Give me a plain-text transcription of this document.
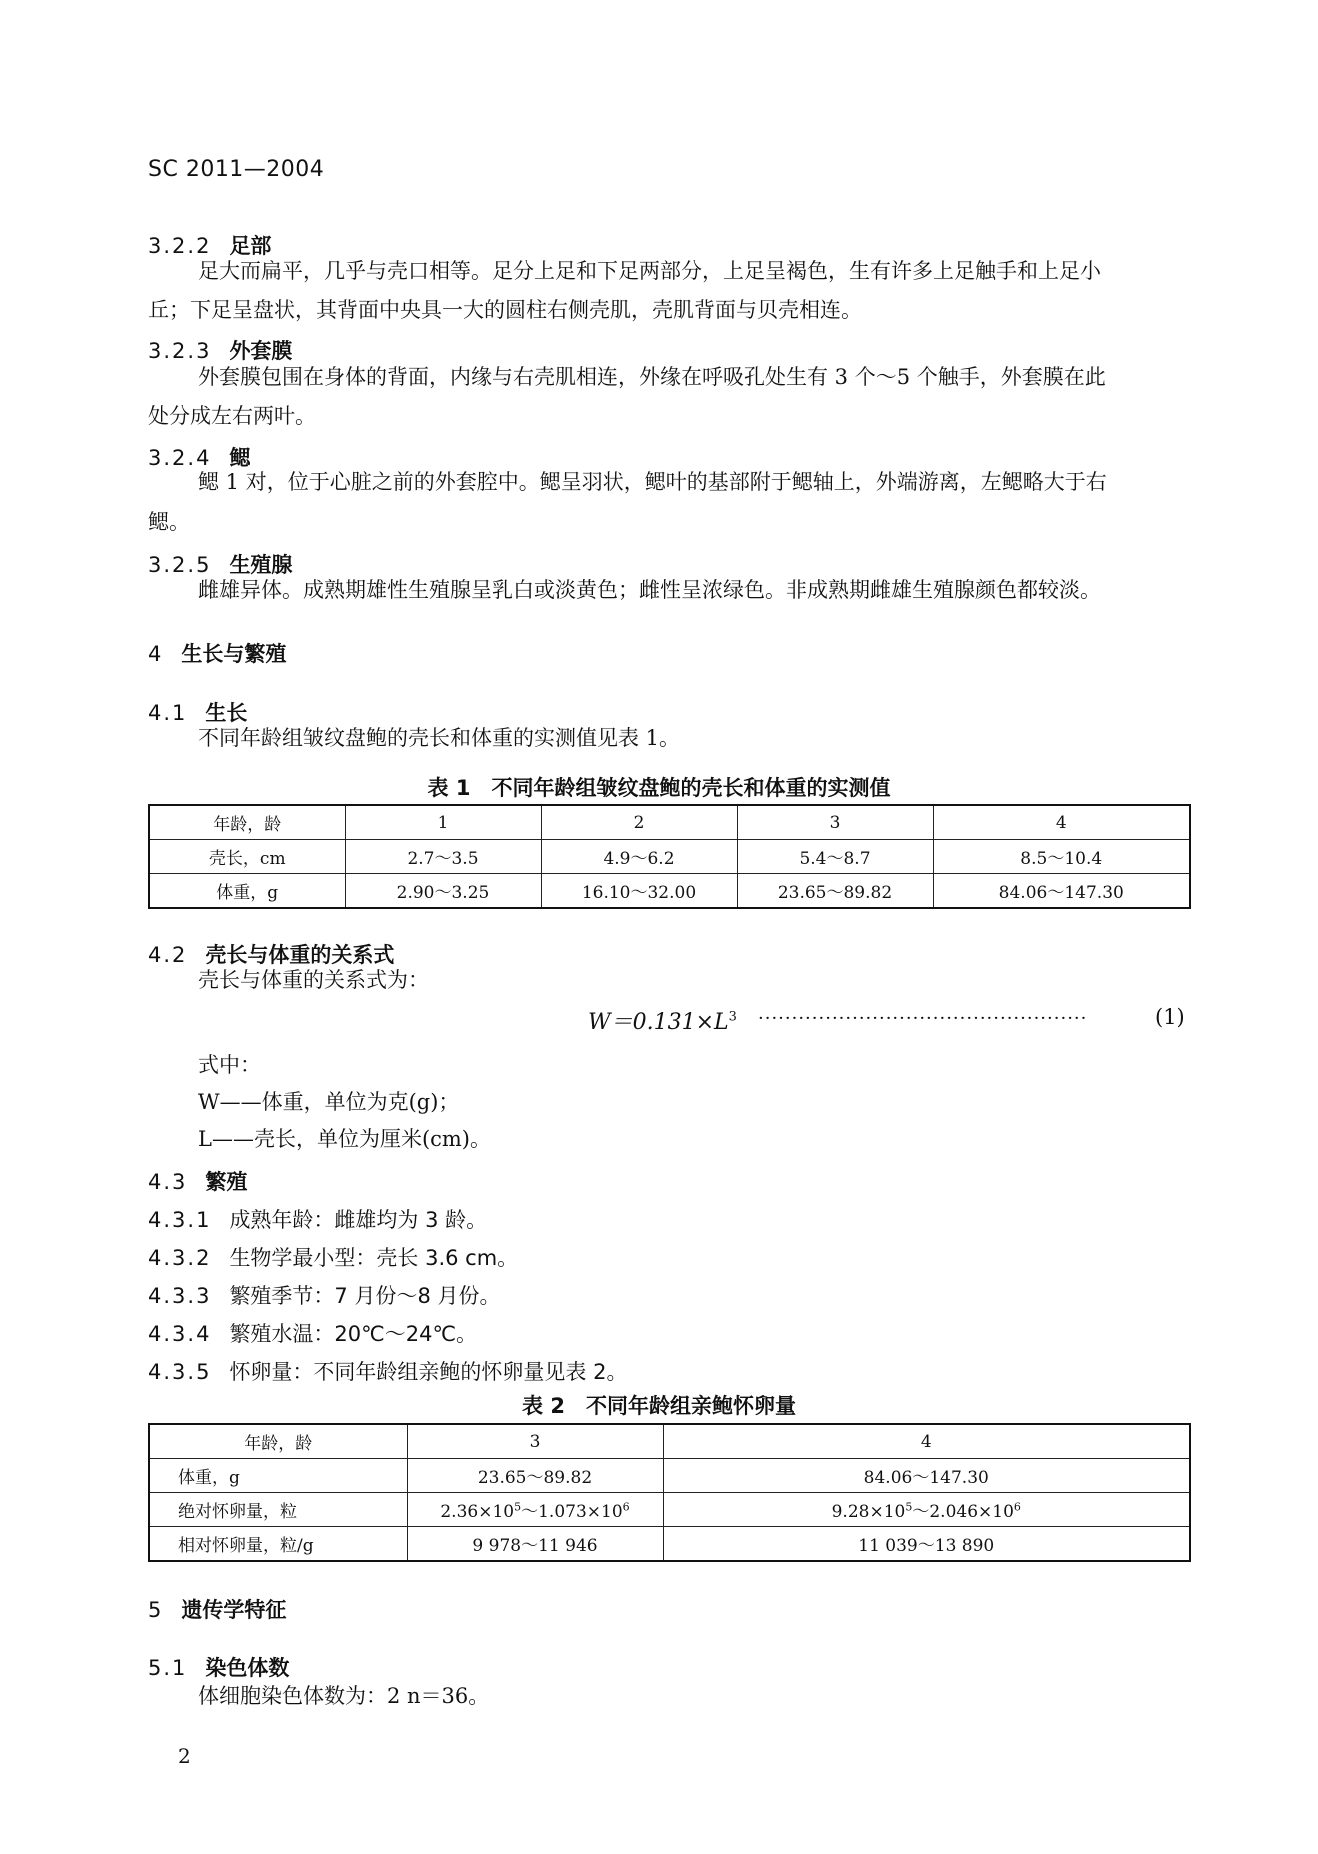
SC 2011—2004
3.2.2 足部
足大而扁平，几乎与壳口相等。足分上足和下足两部分，上足呈褐色，生有许多上足触手和上足小
丘；下足呈盘状，其背面中央具一大的圆柱右侧壳肌，壳肌背面与贝壳相连。
3.2.3 外套膜
外套膜包围在身体的背面，内缘与右壳肌相连，外缘在呼吸孔处生有 3 个～5 个触手，外套膜在此
处分成左右两叶。
3.2.4 鳃
鳃 1 对，位于心脏之前的外套腔中。鳃呈羽状，鳃叶的基部附于鳃轴上，外端游离，左鳃略大于右
鳃。
3.2.5 生殖腺
雌雄异体。成熟期雄性生殖腺呈乳白或淡黄色；雌性呈浓绿色。非成熟期雌雄生殖腺颜色都较淡。
4 生长与繁殖
4.1 生长
不同年龄组皱纹盘鲍的壳长和体重的实测值见表 1。
表 1　不同年龄组皱纹盘鲍的壳长和体重的实测值
年龄，龄	1	2	3	4
壳长，cm	2.7～3.5	4.9～6.2	5.4～8.7	8.5～10.4
体重，g	2.90～3.25	16.10～32.00	23.65～89.82	84.06～147.30
4.2 壳长与体重的关系式
壳长与体重的关系式为：
$W=0.131\times L^3$ ·················································	(1)
式中：
W——体重，单位为克(g)；
L——壳长，单位为厘米(cm)。
4.3 繁殖
4.3.1 成熟年龄：雌雄均为 3 龄。
4.3.2 生物学最小型：壳长 3.6 cm。
4.3.3 繁殖季节：7 月份～8 月份。
4.3.4 繁殖水温：20℃～24℃。
4.3.5 怀卵量：不同年龄组亲鲍的怀卵量见表 2。
表 2　不同年龄组亲鲍怀卵量
年龄，龄	3	4
体重，g	23.65～89.82	84.06～147.30
绝对怀卵量，粒	$2.36\times 10^5\sim 1.073\times 10^6$	$9.28\times 10^5\sim 2.046\times 10^6$
相对怀卵量，粒/g	9 978～11 946	11 039～13 890
5 遗传学特征
5.1 染色体数
体细胞染色体数为：2 n＝36。
2
